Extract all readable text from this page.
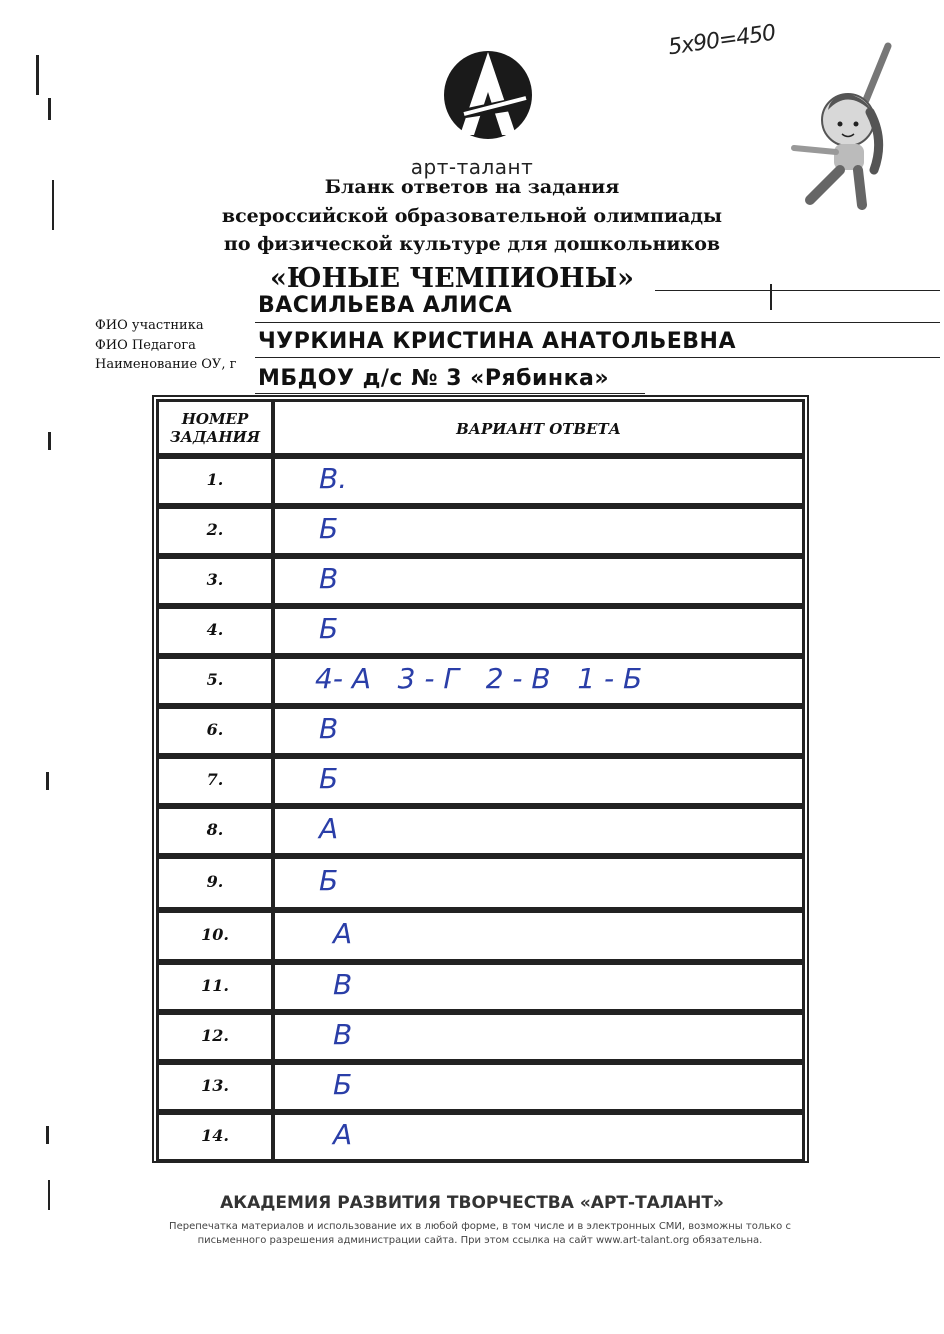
5х90=450
арт-талант
Бланк ответов на задания
всероссийской образовательной олимпиады
по физической культуре для дошкольников
«ЮНЫЕ ЧЕМПИОНЫ»
ВАСИЛЬЕВА АЛИСА
ФИО участника
ЧУРКИНА КРИСТИНА АНАТОЛЬЕВНА
ФИО Педагога
МБДОУ д/с № 3 «Рябинка»
Наименование ОУ, г
НОМЕР
ЗАДАНИЯ	ВАРИАНТ ОТВЕТА
1.	В.
2.	Б
3.	В
4.	Б
5.	4- А   3 - Г   2 - В   1 - Б
6.	В
7.	Б
8.	А
9.	Б
10.	А
11.	В
12.	В
13.	Б
14.	А
АКАДЕМИЯ РАЗВИТИЯ ТВОРЧЕСТВА «АРТ-ТАЛАНТ»
Перепечатка материалов и использование их в любой форме, в том числе и в электронных СМИ, возможны только с
письменного разрешения администрации сайта. При этом ссылка на сайт www.art-talant.org обязательна.
